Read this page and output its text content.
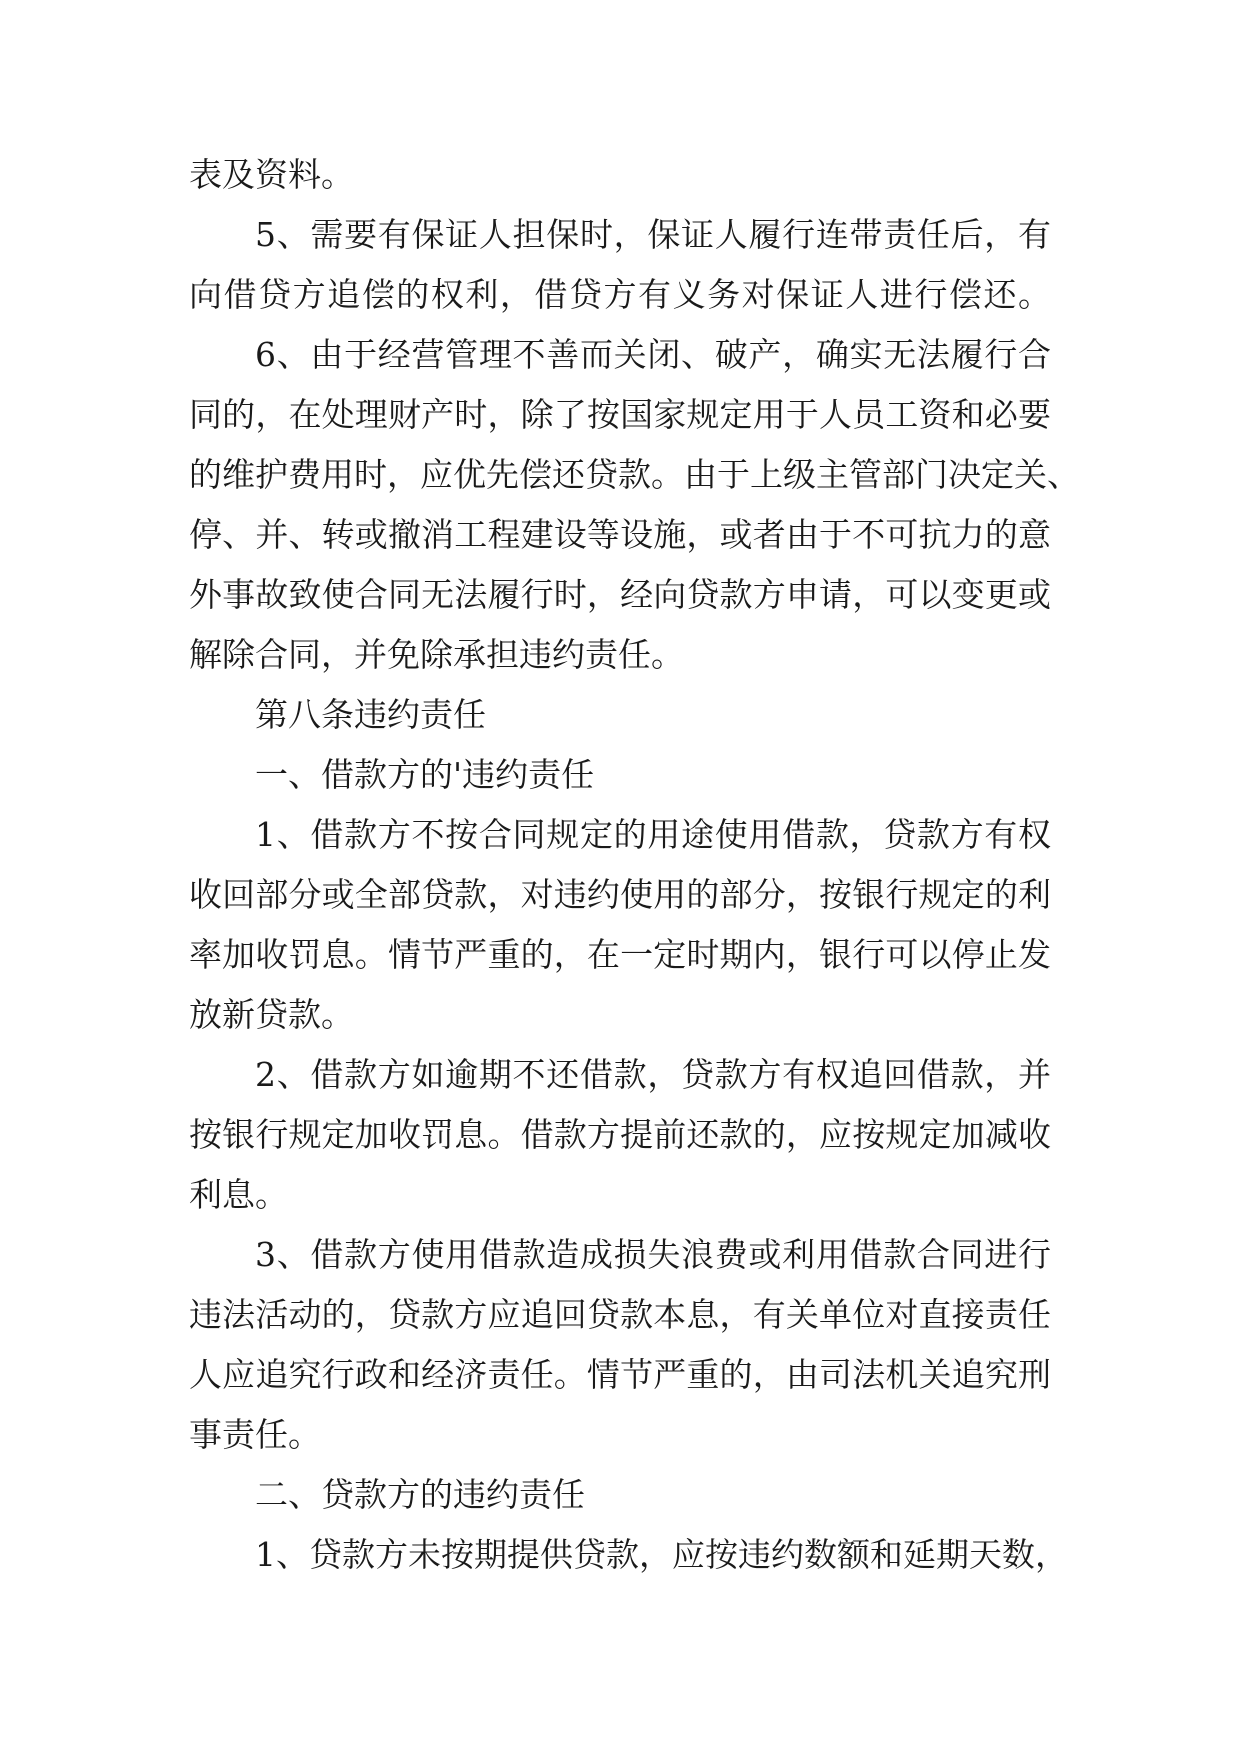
表及资料。
5、需要有保证人担保时，保证人履行连带责任后，有
向借贷方追偿的权利，借贷方有义务对保证人进行偿还。
6、由于经营管理不善而关闭、破产，确实无法履行合
同的，在处理财产时，除了按国家规定用于人员工资和必要
的维护费用时，应优先偿还贷款。由于上级主管部门决定关、
停、并、转或撤消工程建设等设施，或者由于不可抗力的意
外事故致使合同无法履行时，经向贷款方申请，可以变更或
解除合同，并免除承担违约责任。
第八条违约责任
一、借款方的'违约责任
1、借款方不按合同规定的用途使用借款，贷款方有权
收回部分或全部贷款，对违约使用的部分，按银行规定的利
率加收罚息。情节严重的，在一定时期内，银行可以停止发
放新贷款。
2、借款方如逾期不还借款，贷款方有权追回借款，并
按银行规定加收罚息。借款方提前还款的，应按规定加减收
利息。
3、借款方使用借款造成损失浪费或利用借款合同进行
违法活动的，贷款方应追回贷款本息，有关单位对直接责任
人应追究行政和经济责任。情节严重的，由司法机关追究刑
事责任。
二、贷款方的违约责任
1、贷款方未按期提供贷款，应按违约数额和延期天数，
